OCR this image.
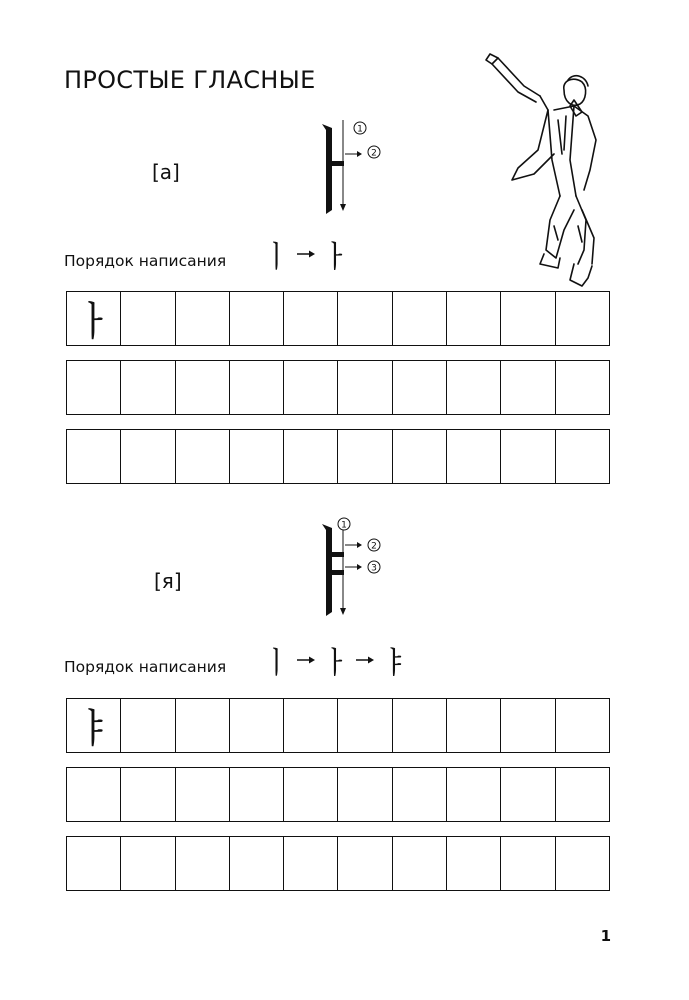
ПРОСТЫЕ ГЛАСНЫЕ
[а]
1
2
Порядок написания ㅣ ㅏ
ㅏ
[я]
1
2
3
Порядок написания ㅣ ㅏ ㅑ
ㅑ
1
